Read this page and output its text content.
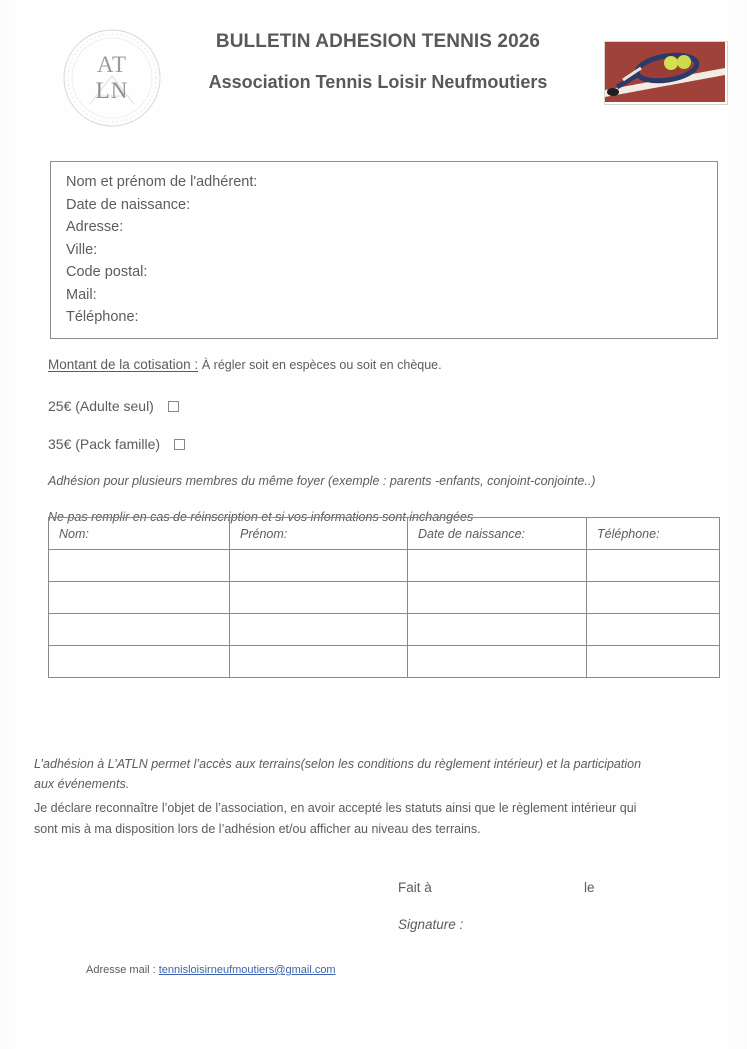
AT
LN
BULLETIN ADHESION TENNIS 2026
Association Tennis Loisir Neufmoutiers
Nom et prénom de l'adhérent:
Date de naissance:
Adresse:
Ville:
Code postal:
Mail:
Téléphone:
Montant de la cotisation : À régler soit en espèces ou soit en chèque.
25€ (Adulte seul)
35€ (Pack famille)
Adhésion pour plusieurs membres du même foyer (exemple : parents -enfants, conjoint-conjointe..)
Ne pas remplir en cas de réinscription et si vos informations sont inchangées
Nom:	Prénom:	Date de naissance:	Téléphone:

L’adhésion à L’ATLN permet l’accès aux terrains(selon les conditions du règlement intérieur) et la participation aux événements.

Je déclare reconnaître l’objet de l’association, en avoir accepté les statuts ainsi que le règlement intérieur qui sont mis à ma disposition lors de l’adhésion et/ou afficher au niveau des terrains.

Fait à	le
Signature :
Adresse mail : tennisloisirneufmoutiers@gmail.com
